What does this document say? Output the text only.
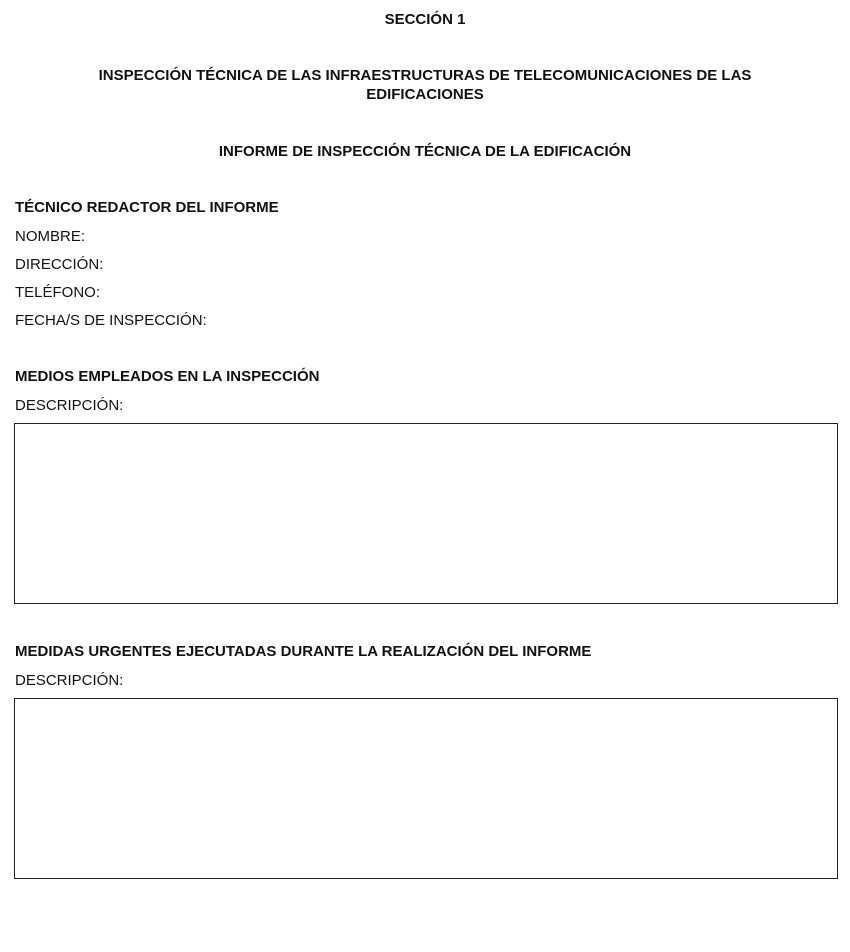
SECCIÓN 1
INSPECCIÓN TÉCNICA DE LAS INFRAESTRUCTURAS DE TELECOMUNICACIONES DE LAS EDIFICACIONES
INFORME DE INSPECCIÓN TÉCNICA DE LA EDIFICACIÓN
TÉCNICO REDACTOR DEL INFORME
NOMBRE:
DIRECCIÓN:
TELÉFONO:
FECHA/S DE INSPECCIÓN:
MEDIOS EMPLEADOS EN LA INSPECCIÓN
DESCRIPCIÓN:
MEDIDAS URGENTES EJECUTADAS DURANTE LA REALIZACIÓN DEL INFORME
DESCRIPCIÓN:
